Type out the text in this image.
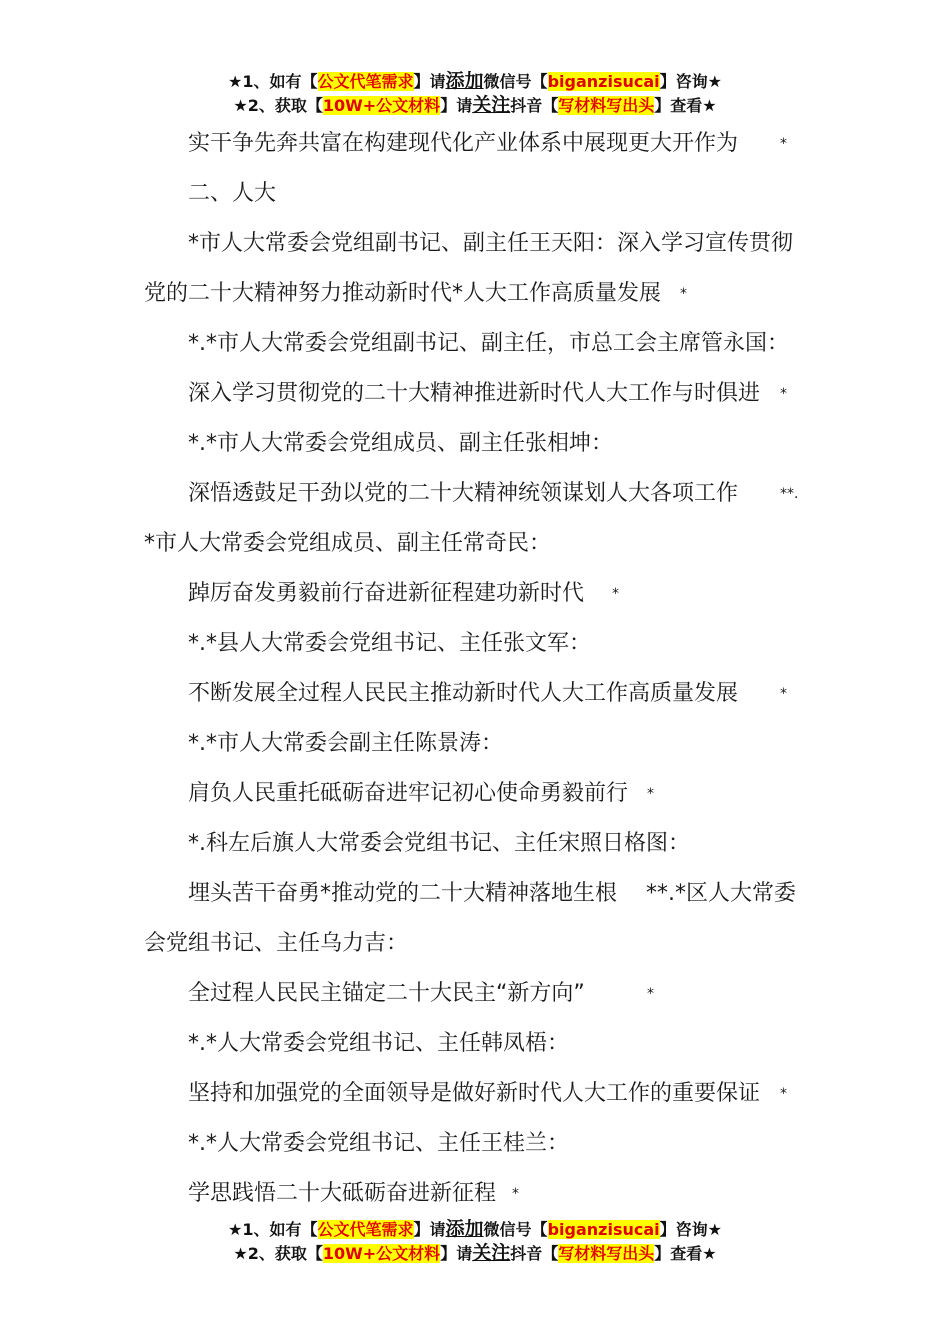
★1、如有【公文代笔需求】请添加微信号【biganzisucai】咨询★
★2、获取【10W+公文材料】请关注抖音【写材料写出头】查看★
实干争先奔共富在构建现代化产业体系中展现更大开作为	*
二、人大
*市人大常委会党组副书记、副主任王天阳：深入学习宣传贯彻
党的二十大精神努力推动新时代*人大工作高质量发展 *
*.*市人大常委会党组副书记、副主任，市总工会主席管永国：
深入学习贯彻党的二十大精神推进新时代人大工作与时俱进 *
*.*市人大常委会党组成员、副主任张相坤：
深悟透鼓足干劲以党的二十大精神统领谋划人大各项工作	**.
*市人大常委会党组成员、副主任常奇民：
踔厉奋发勇毅前行奋进新征程建功新时代 *
*.*县人大常委会党组书记、主任张文军：
不断发展全过程人民民主推动新时代人大工作高质量发展	*
*.*市人大常委会副主任陈景涛：
肩负人民重托砥砺奋进牢记初心使命勇毅前行 *
*.科左后旗人大常委会党组书记、主任宋照日格图：
埋头苦干奋勇*推动党的二十大精神落地生根 **.*区人大常委
会党组书记、主任乌力吉：
全过程人民民主锚定二十大民主“新方向”	*
*.*人大常委会党组书记、主任韩凤梧：
坚持和加强党的全面领导是做好新时代人大工作的重要保证 *
*.*人大常委会党组书记、主任王桂兰：
学思践悟二十大砥砺奋进新征程 *
★1、如有【公文代笔需求】请添加微信号【biganzisucai】咨询★
★2、获取【10W+公文材料】请关注抖音【写材料写出头】查看★
